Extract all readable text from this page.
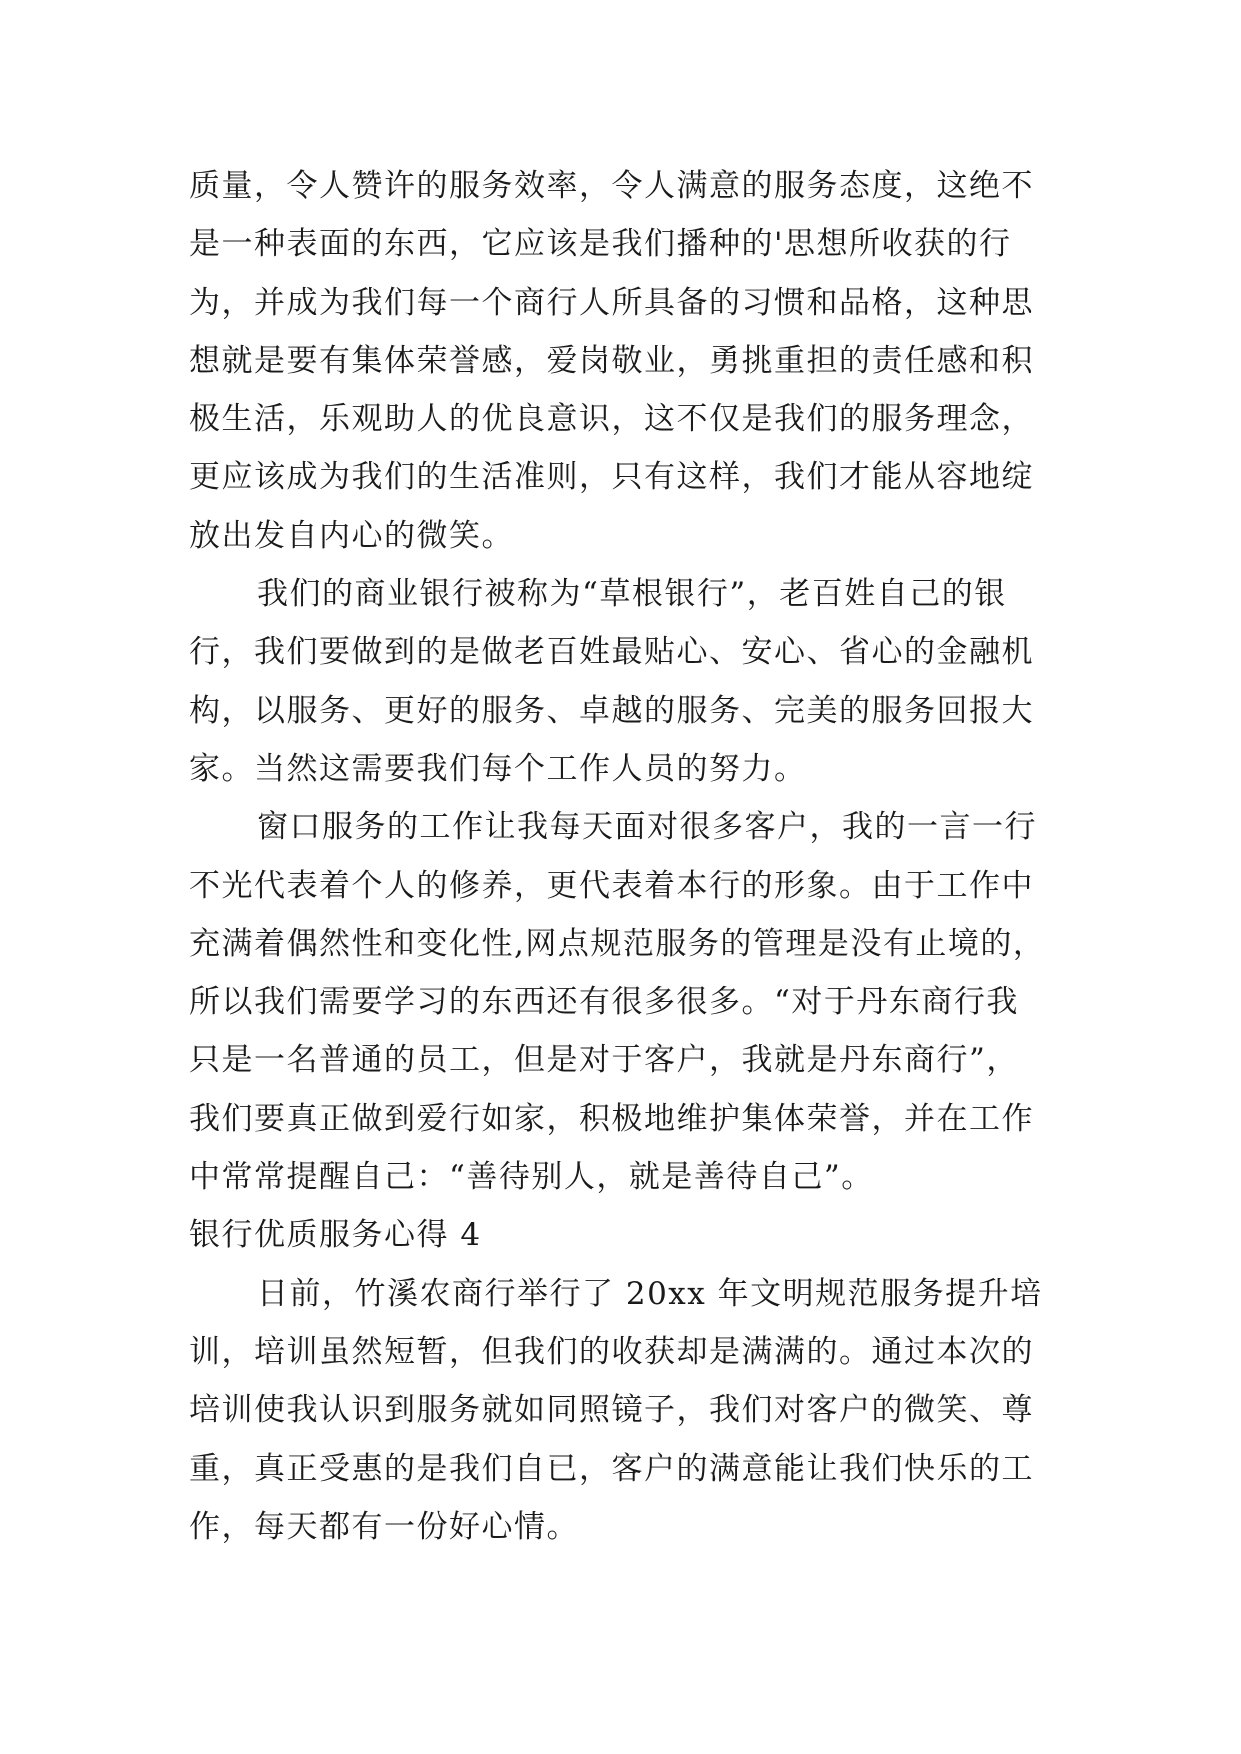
质量，令人赞许的服务效率，令人满意的服务态度，这绝不
是一种表面的东西，它应该是我们播种的'思想所收获的行
为，并成为我们每一个商行人所具备的习惯和品格，这种思
想就是要有集体荣誉感，爱岗敬业，勇挑重担的责任感和积
极生活，乐观助人的优良意识，这不仅是我们的服务理念，
更应该成为我们的生活准则，只有这样，我们才能从容地绽
放出发自内心的微笑。
我们的商业银行被称为“草根银行”，老百姓自己的银
行，我们要做到的是做老百姓最贴心、安心、省心的金融机
构，以服务、更好的服务、卓越的服务、完美的服务回报大
家。当然这需要我们每个工作人员的努力。
窗口服务的工作让我每天面对很多客户，我的一言一行
不光代表着个人的修养，更代表着本行的形象。由于工作中
充满着偶然性和变化性,网点规范服务的管理是没有止境的，
所以我们需要学习的东西还有很多很多。“对于丹东商行我
只是一名普通的员工，但是对于客户，我就是丹东商行”，
我们要真正做到爱行如家，积极地维护集体荣誉，并在工作
中常常提醒自己：“善待别人，就是善待自己”。
银行优质服务心得 4
日前，竹溪农商行举行了 20xx 年文明规范服务提升培
训，培训虽然短暂，但我们的收获却是满满的。通过本次的
培训使我认识到服务就如同照镜子，我们对客户的微笑、尊
重，真正受惠的是我们自已，客户的满意能让我们快乐的工
作，每天都有一份好心情。
